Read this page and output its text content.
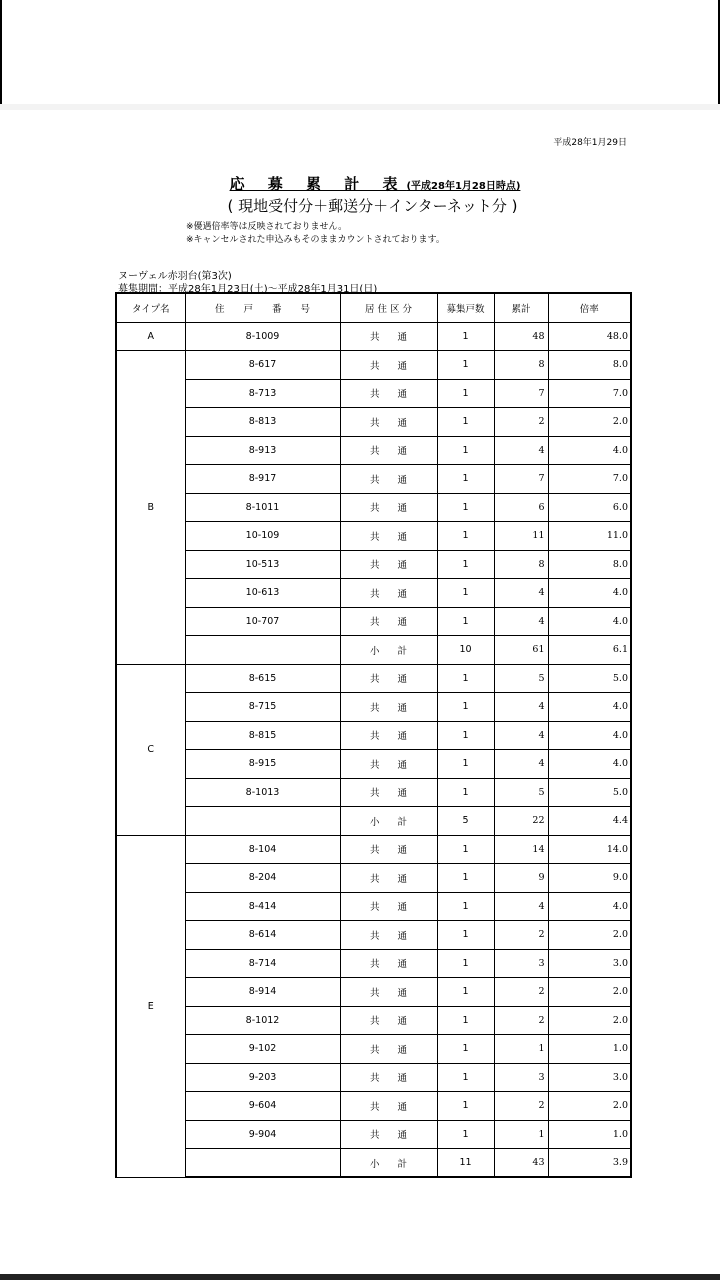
平成28年1月29日
応 募 累 計 表(平成28年1月28日時点)
( 現地受付分＋郵送分＋インターネット分 )
※優遇倍率等は反映されておりません。
※キャンセルされた申込みもそのままカウントされております。
ヌーヴェル赤羽台(第3次)
募集期間：平成28年1月23日(土)～平成28年1月31日(日)
タイプ名	住　　戸　　番　　号	居 住 区 分	募集戸数	累計	倍率
A	8-1009	共 通	1	48	48.0
B	8-617	共 通	1	8	8.0
	8-713	共 通	1	7	7.0
	8-813	共 通	1	2	2.0
	8-913	共 通	1	4	4.0
	8-917	共 通	1	7	7.0
	8-1011	共 通	1	6	6.0
	10-109	共 通	1	11	11.0
	10-513	共 通	1	8	8.0
	10-613	共 通	1	4	4.0
	10-707	共 通	1	4	4.0
		小 計	10	61	6.1
C	8-615	共 通	1	5	5.0
	8-715	共 通	1	4	4.0
	8-815	共 通	1	4	4.0
	8-915	共 通	1	4	4.0
	8-1013	共 通	1	5	5.0
		小 計	5	22	4.4
E	8-104	共 通	1	14	14.0
	8-204	共 通	1	9	9.0
	8-414	共 通	1	4	4.0
	8-614	共 通	1	2	2.0
	8-714	共 通	1	3	3.0
	8-914	共 通	1	2	2.0
	8-1012	共 通	1	2	2.0
	9-102	共 通	1	1	1.0
	9-203	共 通	1	3	3.0
	9-604	共 通	1	2	2.0
	9-904	共 通	1	1	1.0
		小 計	11	43	3.9
